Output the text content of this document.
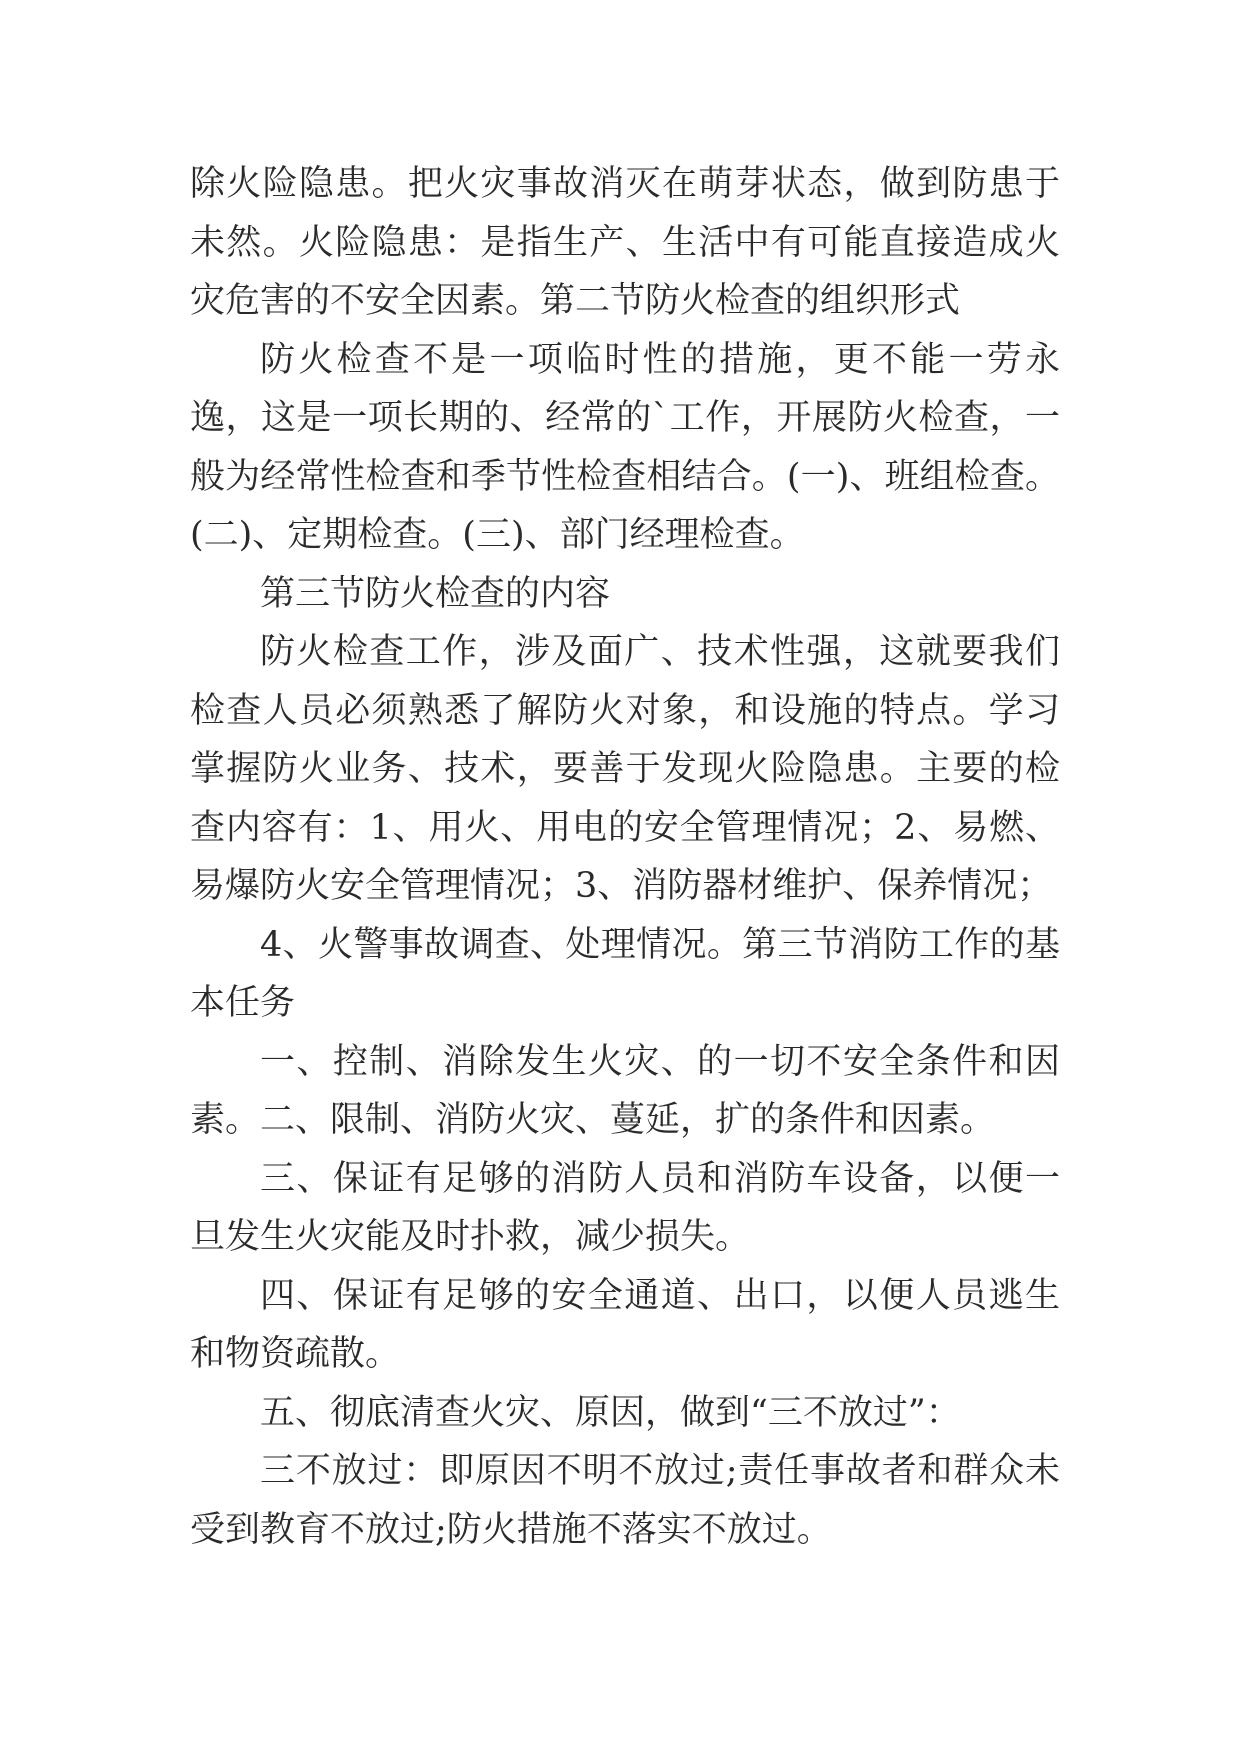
除火险隐患。把火灾事故消灭在萌芽状态，做到防患于未然。火险隐患：是指生产、生活中有可能直接造成火灾危害的不安全因素。第二节防火检查的组织形式

防火检查不是一项临时性的措施，更不能一劳永逸，这是一项长期的、经常的`工作，开展防火检查，一般为经常性检查和季节性检查相结合。(一)、班组检查。(二)、定期检查。(三)、部门经理检查。

第三节防火检查的内容

防火检查工作，涉及面广、技术性强，这就要我们检查人员必须熟悉了解防火对象，和设施的特点。学习掌握防火业务、技术，要善于发现火险隐患。主要的检查内容有：1、用火、用电的安全管理情况；2、易燃、易爆防火安全管理情况；3、消防器材维护、保养情况；

4、火警事故调查、处理情况。第三节消防工作的基本任务

一、控制、消除发生火灾、的一切不安全条件和因素。二、限制、消防火灾、蔓延，扩的条件和因素。

三、保证有足够的消防人员和消防车设备，以便一旦发生火灾能及时扑救，减少损失。

四、保证有足够的安全通道、出口，以便人员逃生和物资疏散。

五、彻底清查火灾、原因，做到“三不放过”：

三不放过：即原因不明不放过;责任事故者和群众未受到教育不放过;防火措施不落实不放过。
